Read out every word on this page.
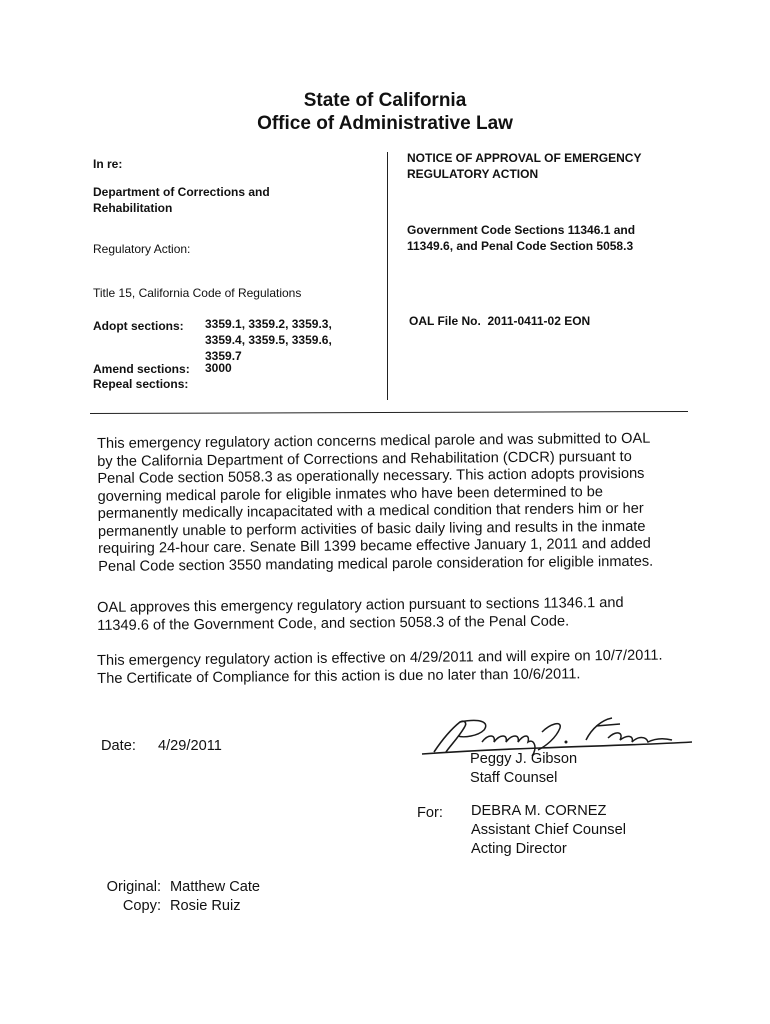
State of California
Office of Administrative Law
In re:
Department of Corrections and
Rehabilitation
Regulatory Action:
Title 15, California Code of Regulations
Adopt sections: 3359.1, 3359.2, 3359.3,
3359.4, 3359.5, 3359.6,
3359.7
Amend sections: 3000
Repeal sections:
NOTICE OF APPROVAL OF EMERGENCY
REGULATORY ACTION
Government Code Sections 11346.1 and
11349.6, and Penal Code Section 5058.3
OAL File No. 2011-0411-02 EON

This emergency regulatory action concerns medical parole and was submitted to OAL

by the California Department of Corrections and Rehabilitation (CDCR) pursuant to

Penal Code section 5058.3 as operationally necessary. This action adopts provisions

governing medical parole for eligible inmates who have been determined to be

permanently medically incapacitated with a medical condition that renders him or her

permanently unable to perform activities of basic daily living and results in the inmate

requiring 24-hour care. Senate Bill 1399 became effective January 1, 2011 and added

Penal Code section 3550 mandating medical parole consideration for eligible inmates.

OAL approves this emergency regulatory action pursuant to sections 11346.1 and

11349.6 of the Government Code, and section 5058.3 of the Penal Code.

This emergency regulatory action is effective on 4/29/2011 and will expire on 10/7/2011.

The Certificate of Compliance for this action is due no later than 10/6/2011.

Date: 4/29/2011
Peggy J. Gibson
Staff Counsel
For: DEBRA M. CORNEZ
Assistant Chief Counsel
Acting Director
Original:
Copy:
Matthew Cate
Rosie Ruiz
